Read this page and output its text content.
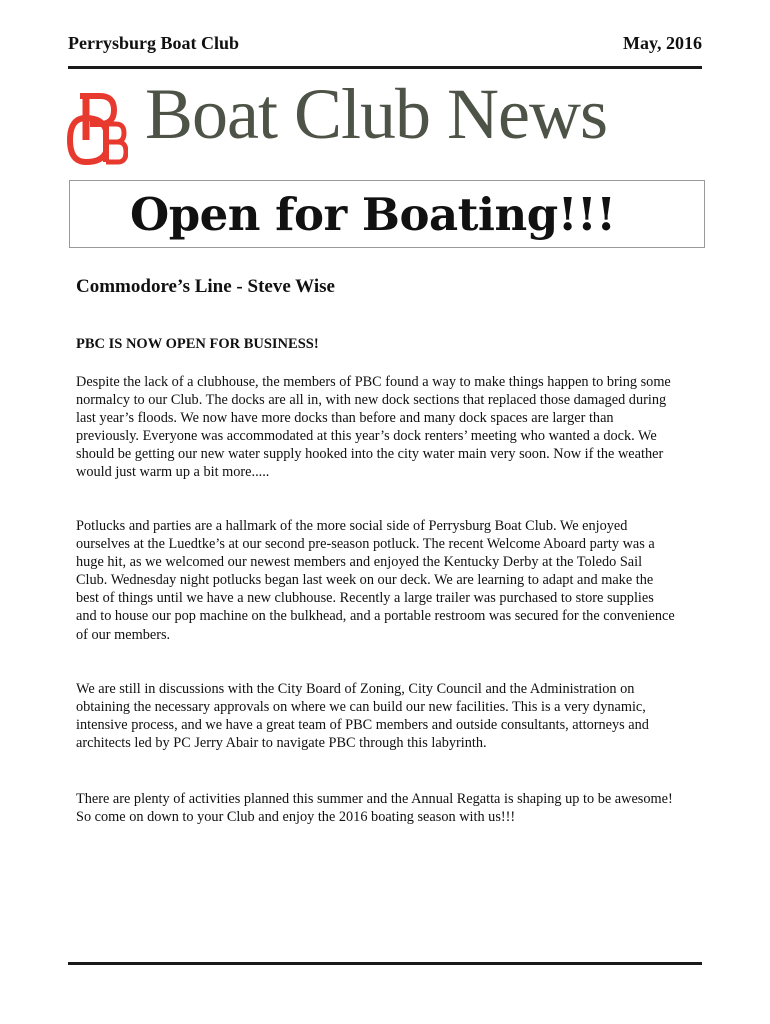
Perrysburg Boat Club	May, 2016
Boat Club News
Open for Boating!!!
Commodore’s Line - Steve Wise
PBC IS NOW OPEN FOR BUSINESS!

Despite the lack of a clubhouse, the members of PBC found a way to make things happen to bring some normalcy to our Club. The docks are all in, with new dock sections that replaced those damaged during last year’s floods. We now have more docks than before and many dock spaces are larger than previously. Everyone was accommodated at this year’s dock renters’ meeting who wanted a dock. We should be getting our new water supply hooked into the city water main very soon. Now if the weather would just warm up a bit more.....

Potlucks and parties are a hallmark of the more social side of Perrysburg Boat Club. We enjoyed ourselves at the Luedtke’s at our second pre-season potluck. The recent Welcome Aboard party was a huge hit, as we welcomed our newest members and enjoyed the Kentucky Derby at the Toledo Sail Club. Wednesday night potlucks began last week on our deck. We are learning to adapt and make the best of things until we have a new clubhouse. Recently a large trailer was purchased to store supplies and to house our pop machine on the bulkhead, and a portable restroom was secured for the convenience of our members.

We are still in discussions with the City Board of Zoning, City Council and the Administration on obtaining the necessary approvals on where we can build our new facilities. This is a very dynamic, intensive process, and we have a great team of PBC members and outside consultants, attorneys and architects led by PC Jerry Abair to navigate PBC through this labyrinth.

There are plenty of activities planned this summer and the Annual Regatta is shaping up to be awesome! So come on down to your Club and enjoy the 2016 boating season with us!!!
